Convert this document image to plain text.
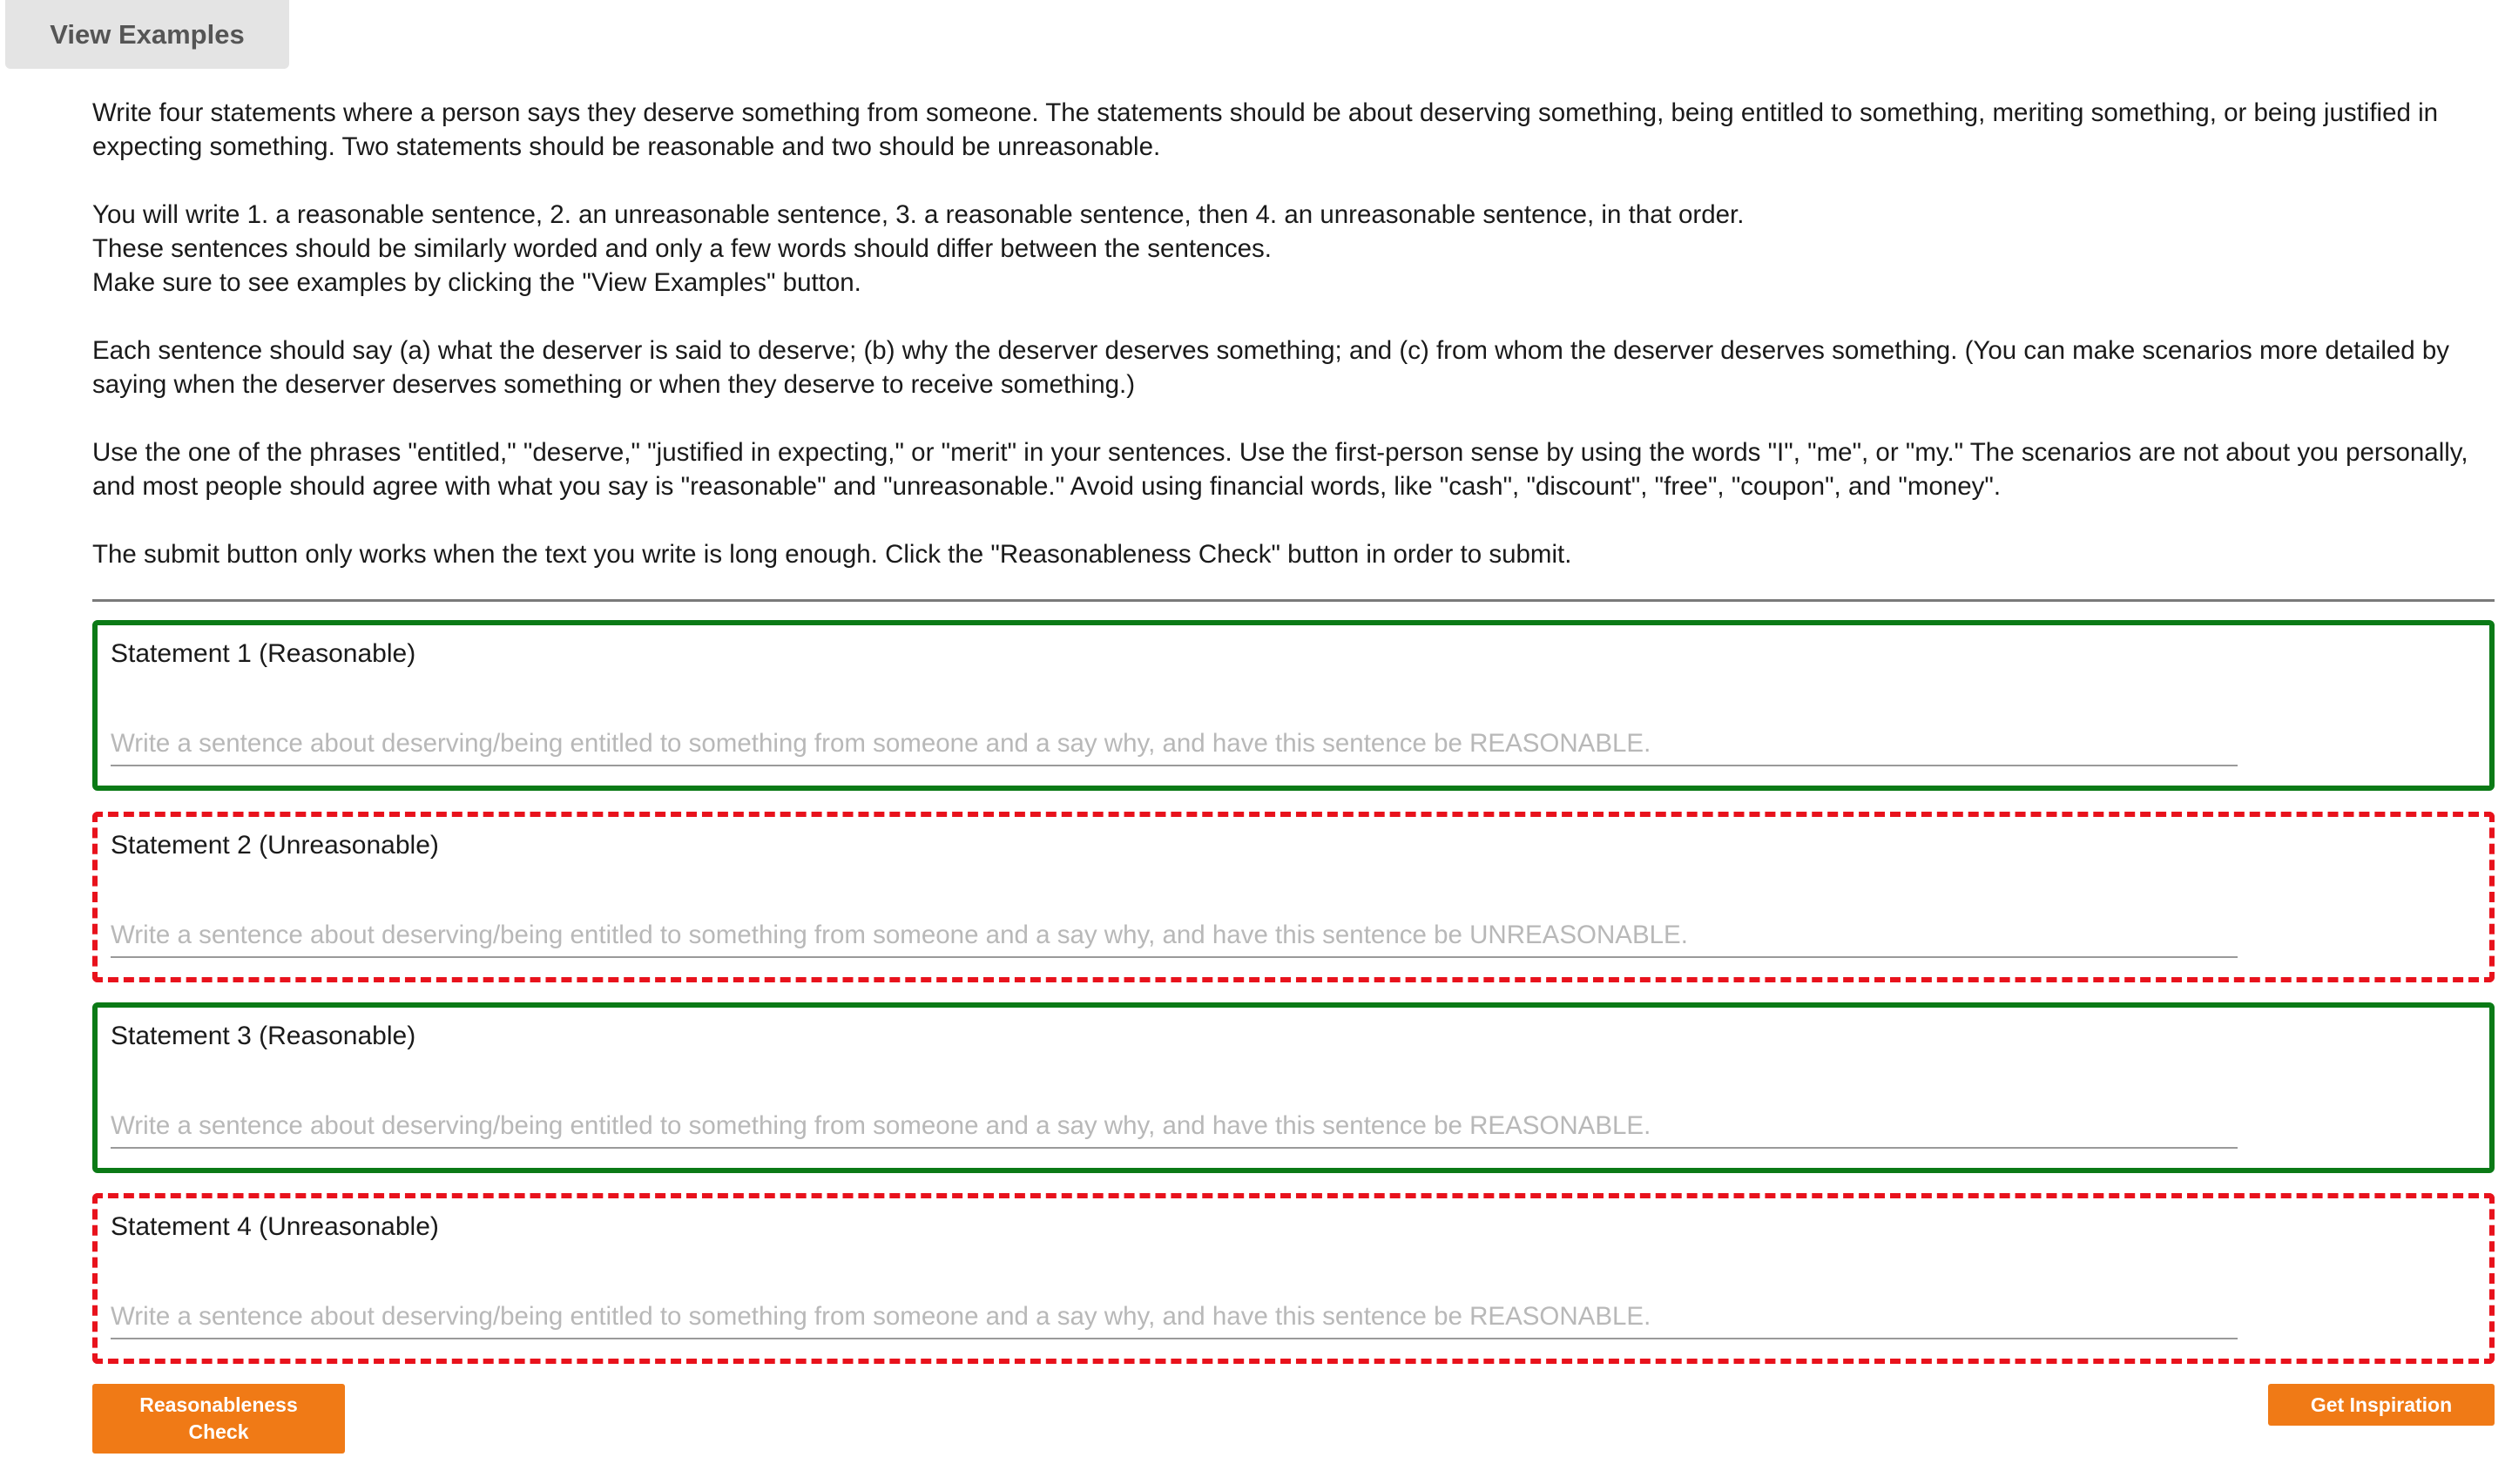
View Examples

Write four statements where a person says they deserve something from someone. The statements should be about deserving something, being entitled to something, meriting something, or being justified in expecting something. Two statements should be reasonable and two should be unreasonable.

You will write 1. a reasonable sentence, 2. an unreasonable sentence, 3. a reasonable sentence, then 4. an unreasonable sentence, in that order.
These sentences should be similarly worded and only a few words should differ between the sentences.
Make sure to see examples by clicking the "View Examples" button.

Each sentence should say (a) what the deserver is said to deserve; (b) why the deserver deserves something; and (c) from whom the deserver deserves something. (You can make scenarios more detailed by saying when the deserver deserves something or when they deserve to receive something.)

Use the one of the phrases "entitled," "deserve," "justified in expecting," or "merit" in your sentences. Use the first-person sense by using the words "I", "me", or "my." The scenarios are not about you personally, and most people should agree with what you say is "reasonable" and "unreasonable." Avoid using financial words, like "cash", "discount", "free", "coupon", and "money".

The submit button only works when the text you write is long enough. Click the "Reasonableness Check" button in order to submit.

Statement 1 (Reasonable)
Write a sentence about deserving/being entitled to something from someone and a say why, and have this sentence be REASONABLE.
Statement 2 (Unreasonable)
Write a sentence about deserving/being entitled to something from someone and a say why, and have this sentence be UNREASONABLE.
Statement 3 (Reasonable)
Write a sentence about deserving/being entitled to something from someone and a say why, and have this sentence be REASONABLE.
Statement 4 (Unreasonable)
Write a sentence about deserving/being entitled to something from someone and a say why, and have this sentence be REASONABLE.
Reasonableness
Check
Get Inspiration
